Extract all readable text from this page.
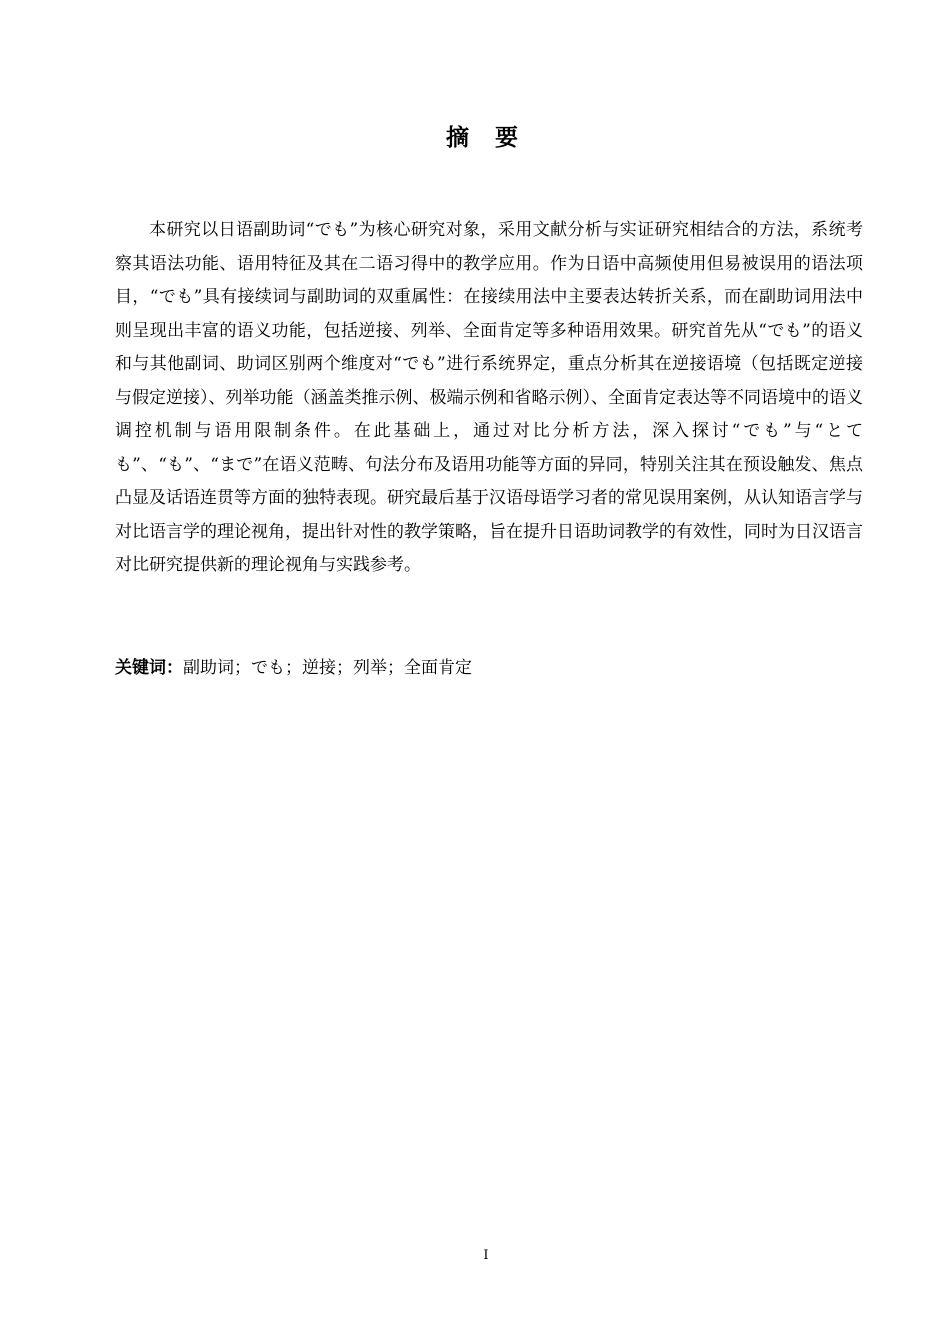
摘要

本研究以日语副助词“でも”为核心研究对象，采用文献分析与实证研究相结合的方法，系统考察其语法功能、语用特征及其在二语习得中的教学应用。作为日语中高频使用但易被误用的语法项目，“でも”具有接续词与副助词的双重属性：在接续用法中主要表达转折关系，而在副助词用法中则呈现出丰富的语义功能，包括逆接、列举、全面肯定等多种语用效果。研究首先从“でも”的语义和与其他副词、助词区别两个维度对“でも”进行系统界定，重点分析其在逆接语境（包括既定逆接与假定逆接）、列举功能（涵盖类推示例、极端示例和省略示例）、全面肯定表达等不同语境中的语义调控机制与语用限制条件。在此基础上，通过对比分析方法，深入探讨“でも”与“とても”、“も”、“まで”在语义范畴、句法分布及语用功能等方面的异同，特别关注其在预设触发、焦点凸显及话语连贯等方面的独特表现。研究最后基于汉语母语学习者的常见误用案例，从认知语言学与对比语言学的理论视角，提出针对性的教学策略，旨在提升日语助词教学的有效性，同时为日汉语言对比研究提供新的理论视角与实践参考。

关键词：副助词；でも；逆接；列举；全面肯定
I
